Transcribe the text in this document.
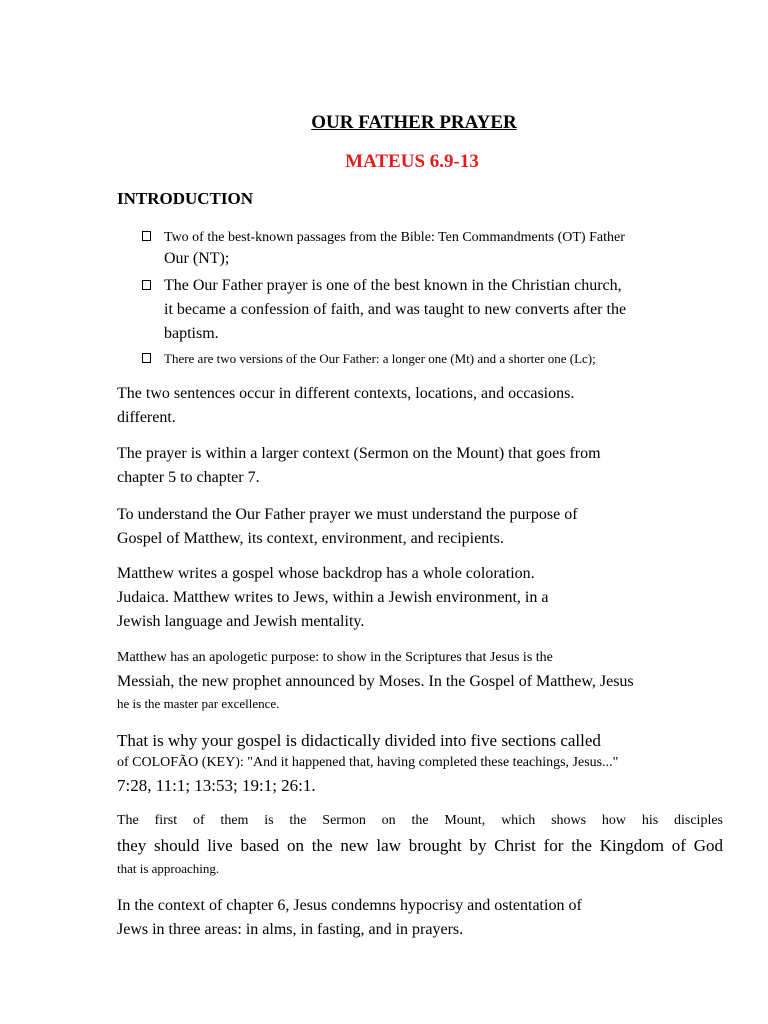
OUR FATHER PRAYER
MATEUS 6.9-13
INTRODUCTION
Two of the best-known passages from the Bible: Ten Commandments (OT) Father
Our (NT);
The Our Father prayer is one of the best known in the Christian church,
it became a confession of faith, and was taught to new converts after the
baptism.
There are two versions of the Our Father: a longer one (Mt) and a shorter one (Lc);
The two sentences occur in different contexts, locations, and occasions.
different.
The prayer is within a larger context (Sermon on the Mount) that goes from
chapter 5 to chapter 7.
To understand the Our Father prayer we must understand the purpose of
Gospel of Matthew, its context, environment, and recipients.
Matthew writes a gospel whose backdrop has a whole coloration.
Judaica. Matthew writes to Jews, within a Jewish environment, in a
Jewish language and Jewish mentality.
Matthew has an apologetic purpose: to show in the Scriptures that Jesus is the
Messiah, the new prophet announced by Moses. In the Gospel of Matthew, Jesus
he is the master par excellence.
That is why your gospel is didactically divided into five sections called
of COLOFÃO (KEY): "And it happened that, having completed these teachings, Jesus..."
7:28, 11:1; 13:53; 19:1; 26:1.
The first of them is the Sermon on the Mount, which shows how his disciples
they should live based on the new law brought by Christ for the Kingdom of God
that is approaching.
In the context of chapter 6, Jesus condemns hypocrisy and ostentation of
Jews in three areas: in alms, in fasting, and in prayers.
